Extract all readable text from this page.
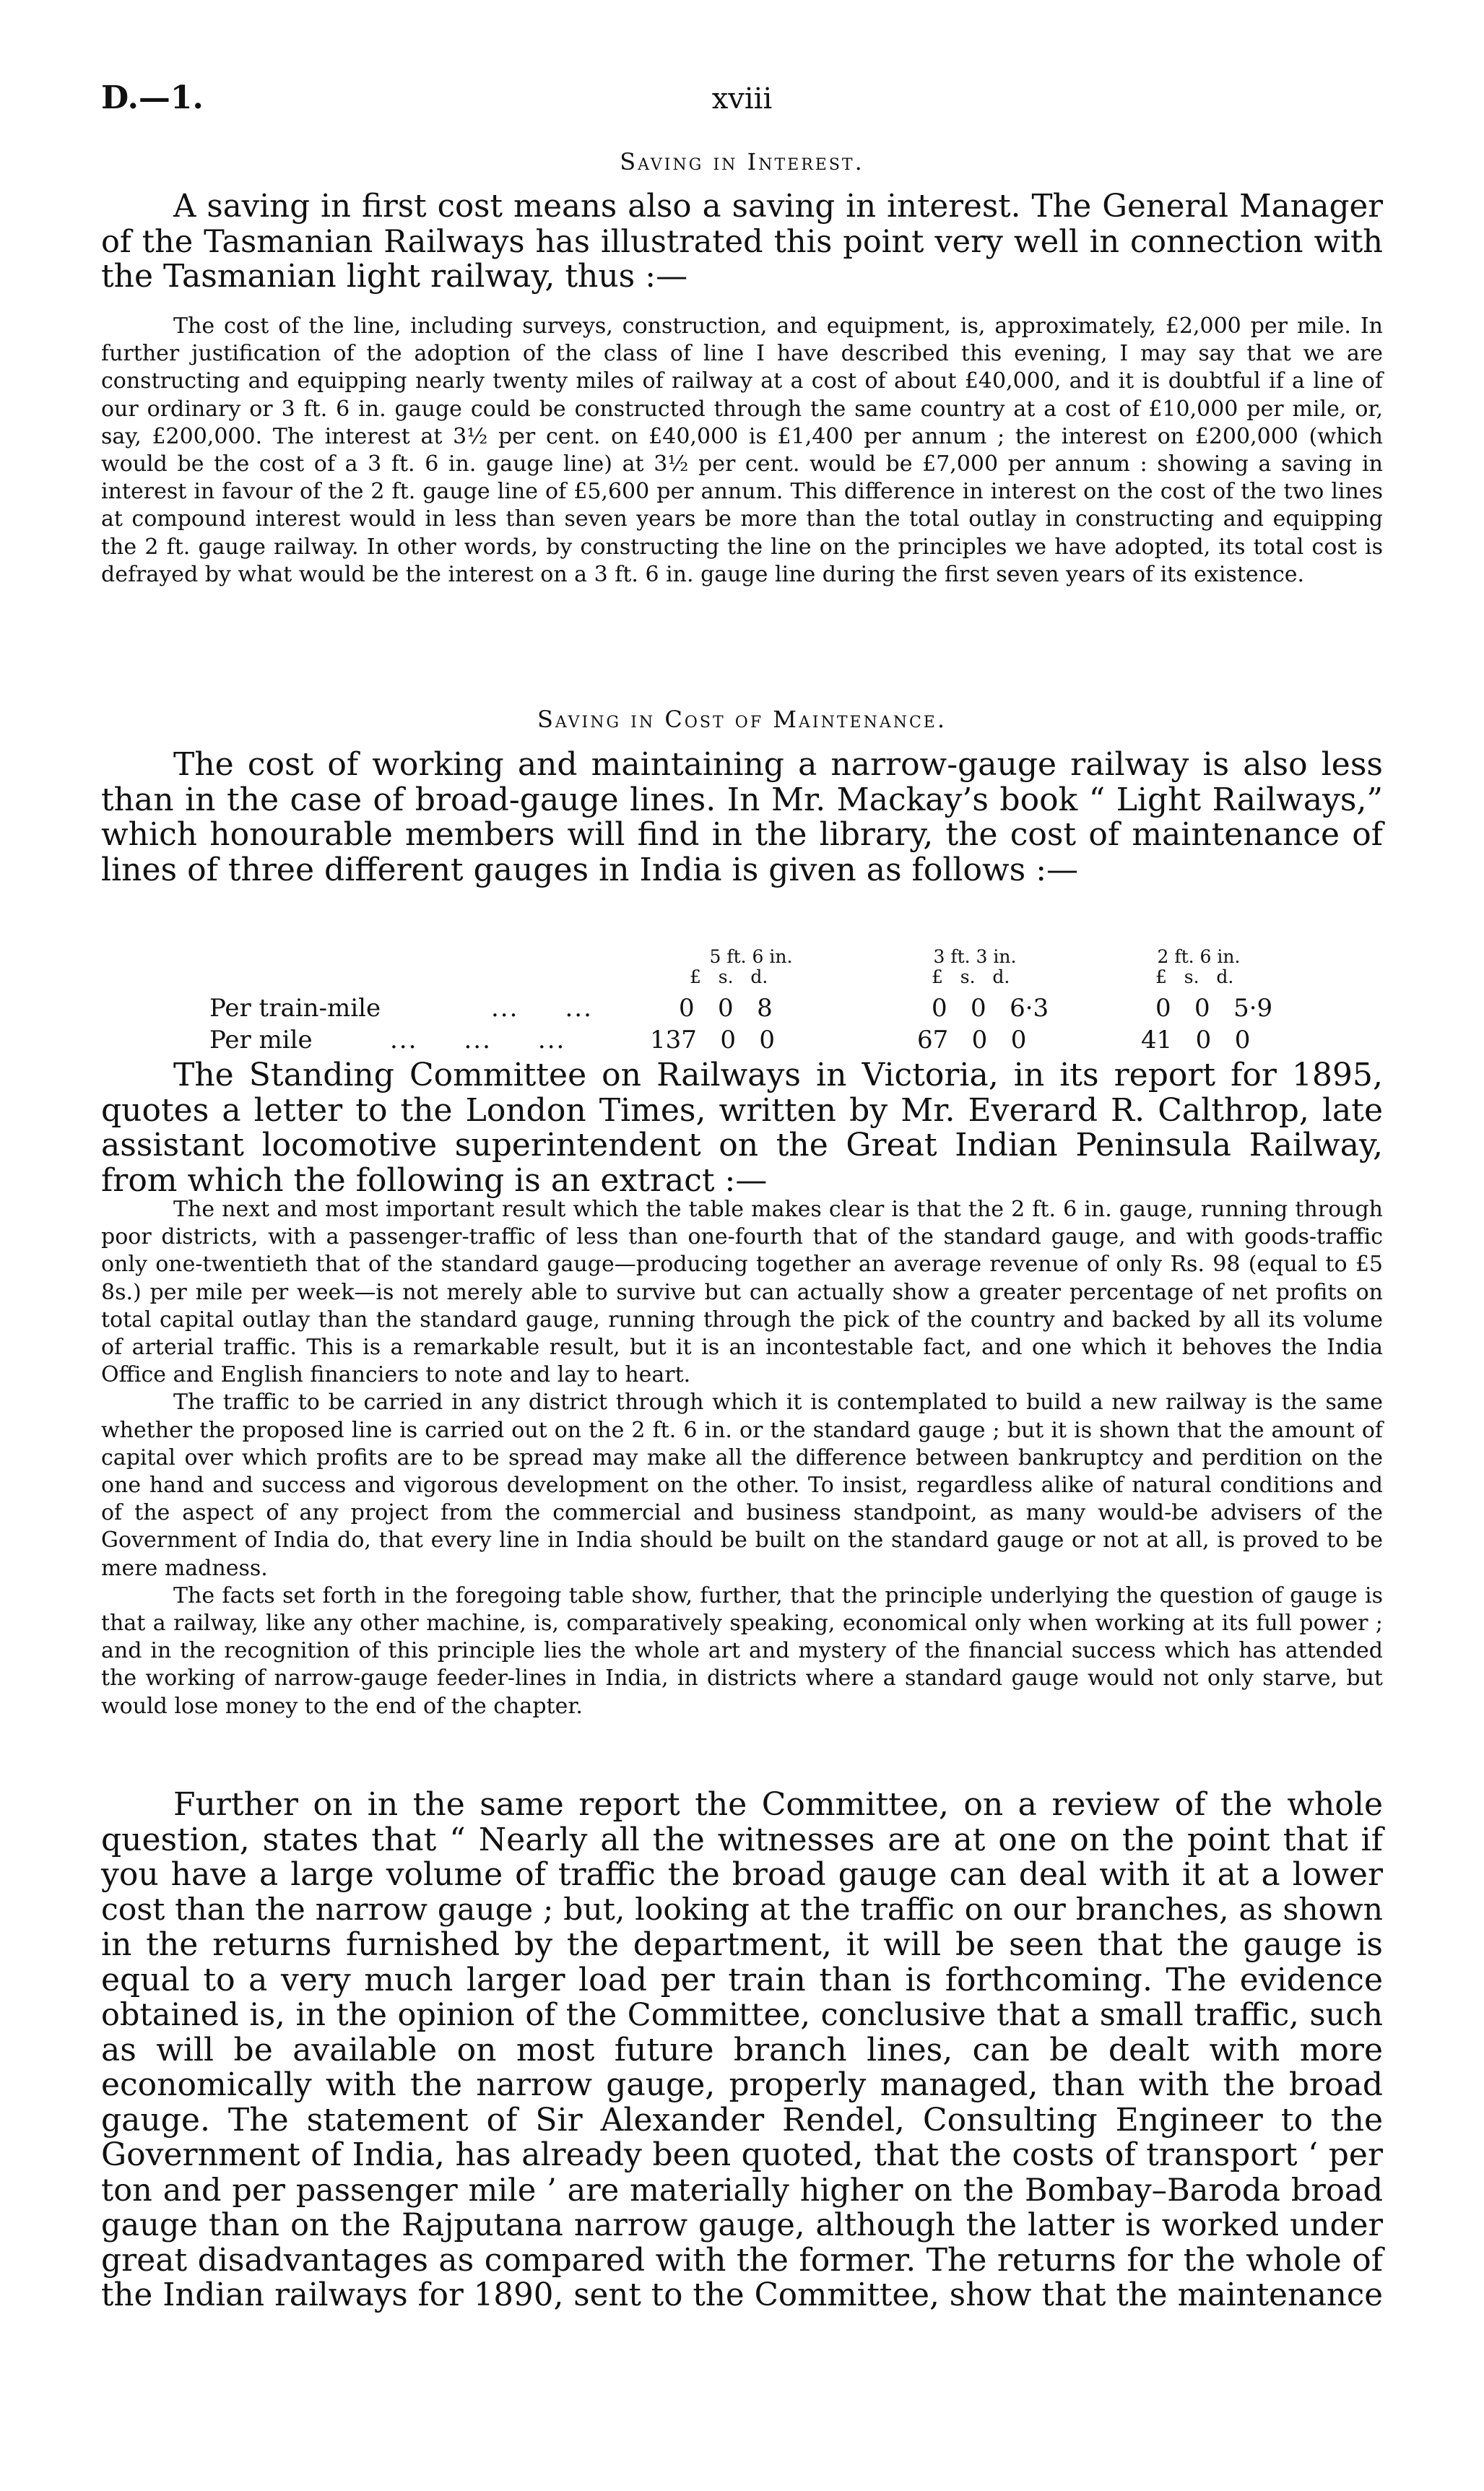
D.—1.	xviii
Saving in Interest.
A saving in first cost means also a saving in interest. The General Manager
of the Tasmanian Railways has illustrated this point very well in connection with
the Tasmanian light railway, thus :—

The cost of the line, including surveys, construction, and equipment, is, approximately, £2,000 per mile. In further justification of the adoption of the class of line I have described this evening, I may say that we are constructing and equipping nearly twenty miles of railway at a cost of about £40,000, and it is doubtful if a line of our ordinary or 3 ft. 6 in. gauge could be constructed through the same country at a cost of £10,000 per mile, or, say, £200,000. The interest at 3½ per cent. on £40,000 is £1,400 per annum ; the interest on £200,000 (which would be the cost of a 3 ft. 6 in. gauge line) at 3½ per cent. would be £7,000 per annum : showing a saving in interest in favour of the 2 ft. gauge line of £5,600 per annum. This difference in interest on the cost of the two lines at compound interest would in less than seven years be more than the total outlay in constructing and equipping the 2 ft. gauge railway. In other words, by constructing the line on the principles we have adopted, its total cost is defrayed by what would be the interest on a 3 ft. 6 in. gauge line during the first seven years of its existence.

Saving in Cost of Maintenance.
The cost of working and maintaining a narrow-gauge railway is also less
than in the case of broad-gauge lines. In Mr. Mackay’s book “ Light Railways,”
which honourable members will find in the library, the cost of maintenance of
lines of three different gauges in India is given as follows :—
5 ft. 6 in.	3 ft. 3 in.	2 ft. 6 in.
£   s.   d.	£   s.   d.	£   s.   d.
Per train-mile	...     ...	0   0   8	0   0   6·3	0   0   5·9
Per mile	...     ...     ...	137   0   0	67   0   0	41   0   0
The Standing Committee on Railways in Victoria, in its report for 1895,
quotes a letter to the London Times, written by Mr. Everard R. Calthrop, late
assistant locomotive superintendent on the Great Indian Peninsula Railway,
from which the following is an extract :—

The next and most important result which the table makes clear is that the 2 ft. 6 in. gauge, running through poor districts, with a passenger-traffic of less than one-fourth that of the standard gauge, and with goods-traffic only one-twentieth that of the standard gauge—producing together an average revenue of only Rs. 98 (equal to £5 8s.) per mile per week—is not merely able to survive but can actually show a greater percentage of net profits on total capital outlay than the standard gauge, running through the pick of the country and backed by all its volume of arterial traffic. This is a remarkable result, but it is an incontestable fact, and one which it behoves the India Office and English financiers to note and lay to heart.

The traffic to be carried in any district through which it is contemplated to build a new railway is the same whether the proposed line is carried out on the 2 ft. 6 in. or the standard gauge ; but it is shown that the amount of capital over which profits are to be spread may make all the difference between bankruptcy and perdition on the one hand and success and vigorous development on the other. To insist, regardless alike of natural conditions and of the aspect of any project from the commercial and business standpoint, as many would-be advisers of the Government of India do, that every line in India should be built on the standard gauge or not at all, is proved to be mere madness.

The facts set forth in the foregoing table show, further, that the principle underlying the question of gauge is that a railway, like any other machine, is, comparatively speaking, economical only when working at its full power ; and in the recognition of this principle lies the whole art and mystery of the financial success which has attended the working of narrow-gauge feeder-lines in India, in districts where a standard gauge would not only starve, but would lose money to the end of the chapter.

Further on in the same report the Committee, on a review of the whole
question, states that “ Nearly all the witnesses are at one on the point that if
you have a large volume of traffic the broad gauge can deal with it at a lower
cost than the narrow gauge ; but, looking at the traffic on our branches, as shown
in the returns furnished by the department, it will be seen that the gauge is
equal to a very much larger load per train than is forthcoming. The evidence
obtained is, in the opinion of the Committee, conclusive that a small traffic, such
as will be available on most future branch lines, can be dealt with more
economically with the narrow gauge, properly managed, than with the broad
gauge. The statement of Sir Alexander Rendel, Consulting Engineer to the
Government of India, has already been quoted, that the costs of transport ‘ per
ton and per passenger mile ’ are materially higher on the Bombay–Baroda broad
gauge than on the Rajputana narrow gauge, although the latter is worked under
great disadvantages as compared with the former. The returns for the whole of
the Indian railways for 1890, sent to the Committee, show that the maintenance
